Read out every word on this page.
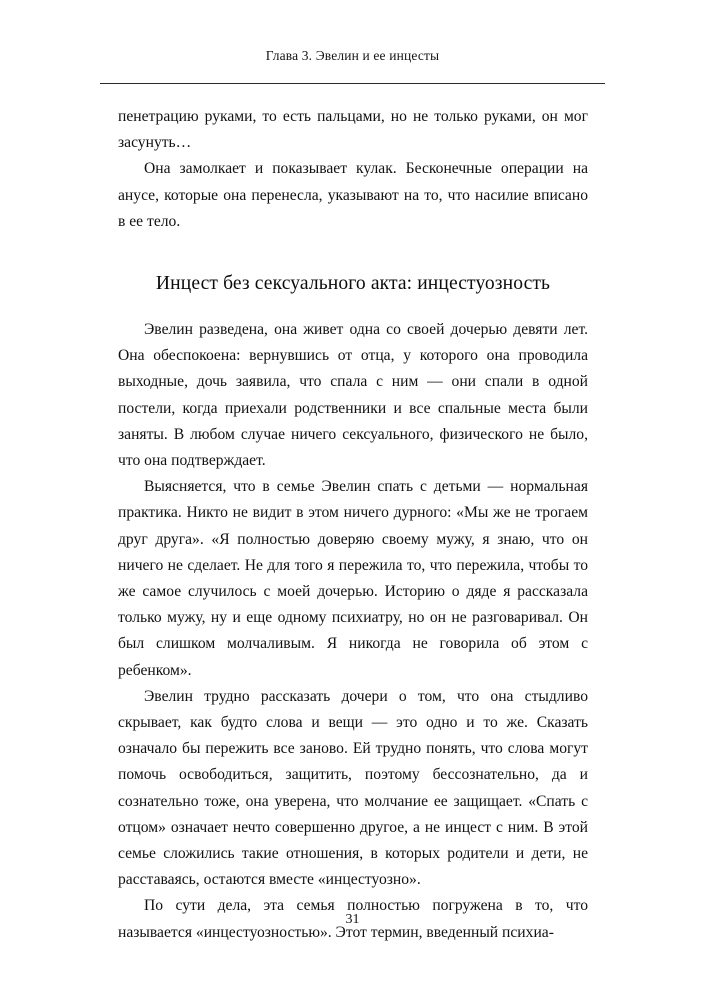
Глава 3. Эвелин и ее инцесты

пенетрацию руками, то есть пальцами, но не только руками, он мог засунуть…

Она замолкает и показывает кулак. Бесконечные операции на анусе, которые она перенесла, указывают на то, что насилие вписано в ее тело.

Инцест без сексуального акта: инцестуозность

Эвелин разведена, она живет одна со своей дочерью девяти лет. Она обеспокоена: вернувшись от отца, у которого она проводила выходные, дочь заявила, что спала с ним — они спали в одной постели, когда приехали родственники и все спальные места были заняты. В любом случае ничего сексуального, физического не было, что она подтверждает.

Выясняется, что в семье Эвелин спать с детьми — нормальная практика. Никто не видит в этом ничего дурного: «Мы же не трогаем друг друга». «Я полностью доверяю своему мужу, я знаю, что он ничего не сделает. Не для того я пережила то, что пережила, чтобы то же самое случилось с моей дочерью. Историю о дяде я рассказала только мужу, ну и еще одному психиатру, но он не разговаривал. Он был слишком молчаливым. Я никогда не говорила об этом с ребенком».

Эвелин трудно рассказать дочери о том, что она стыдливо скрывает, как будто слова и вещи — это одно и то же. Сказать означало бы пережить все заново. Ей трудно понять, что слова могут помочь освободиться, защитить, поэтому бессознательно, да и сознательно тоже, она уверена, что молчание ее защищает. «Спать с отцом» означает нечто совершенно другое, а не инцест с ним. В этой семье сложились такие отношения, в которых родители и дети, не расставаясь, остаются вместе «инцестуозно».

По сути дела, эта семья полностью погружена в то, что называется «инцестуозностью». Этот термин, введенный психиа-

31
